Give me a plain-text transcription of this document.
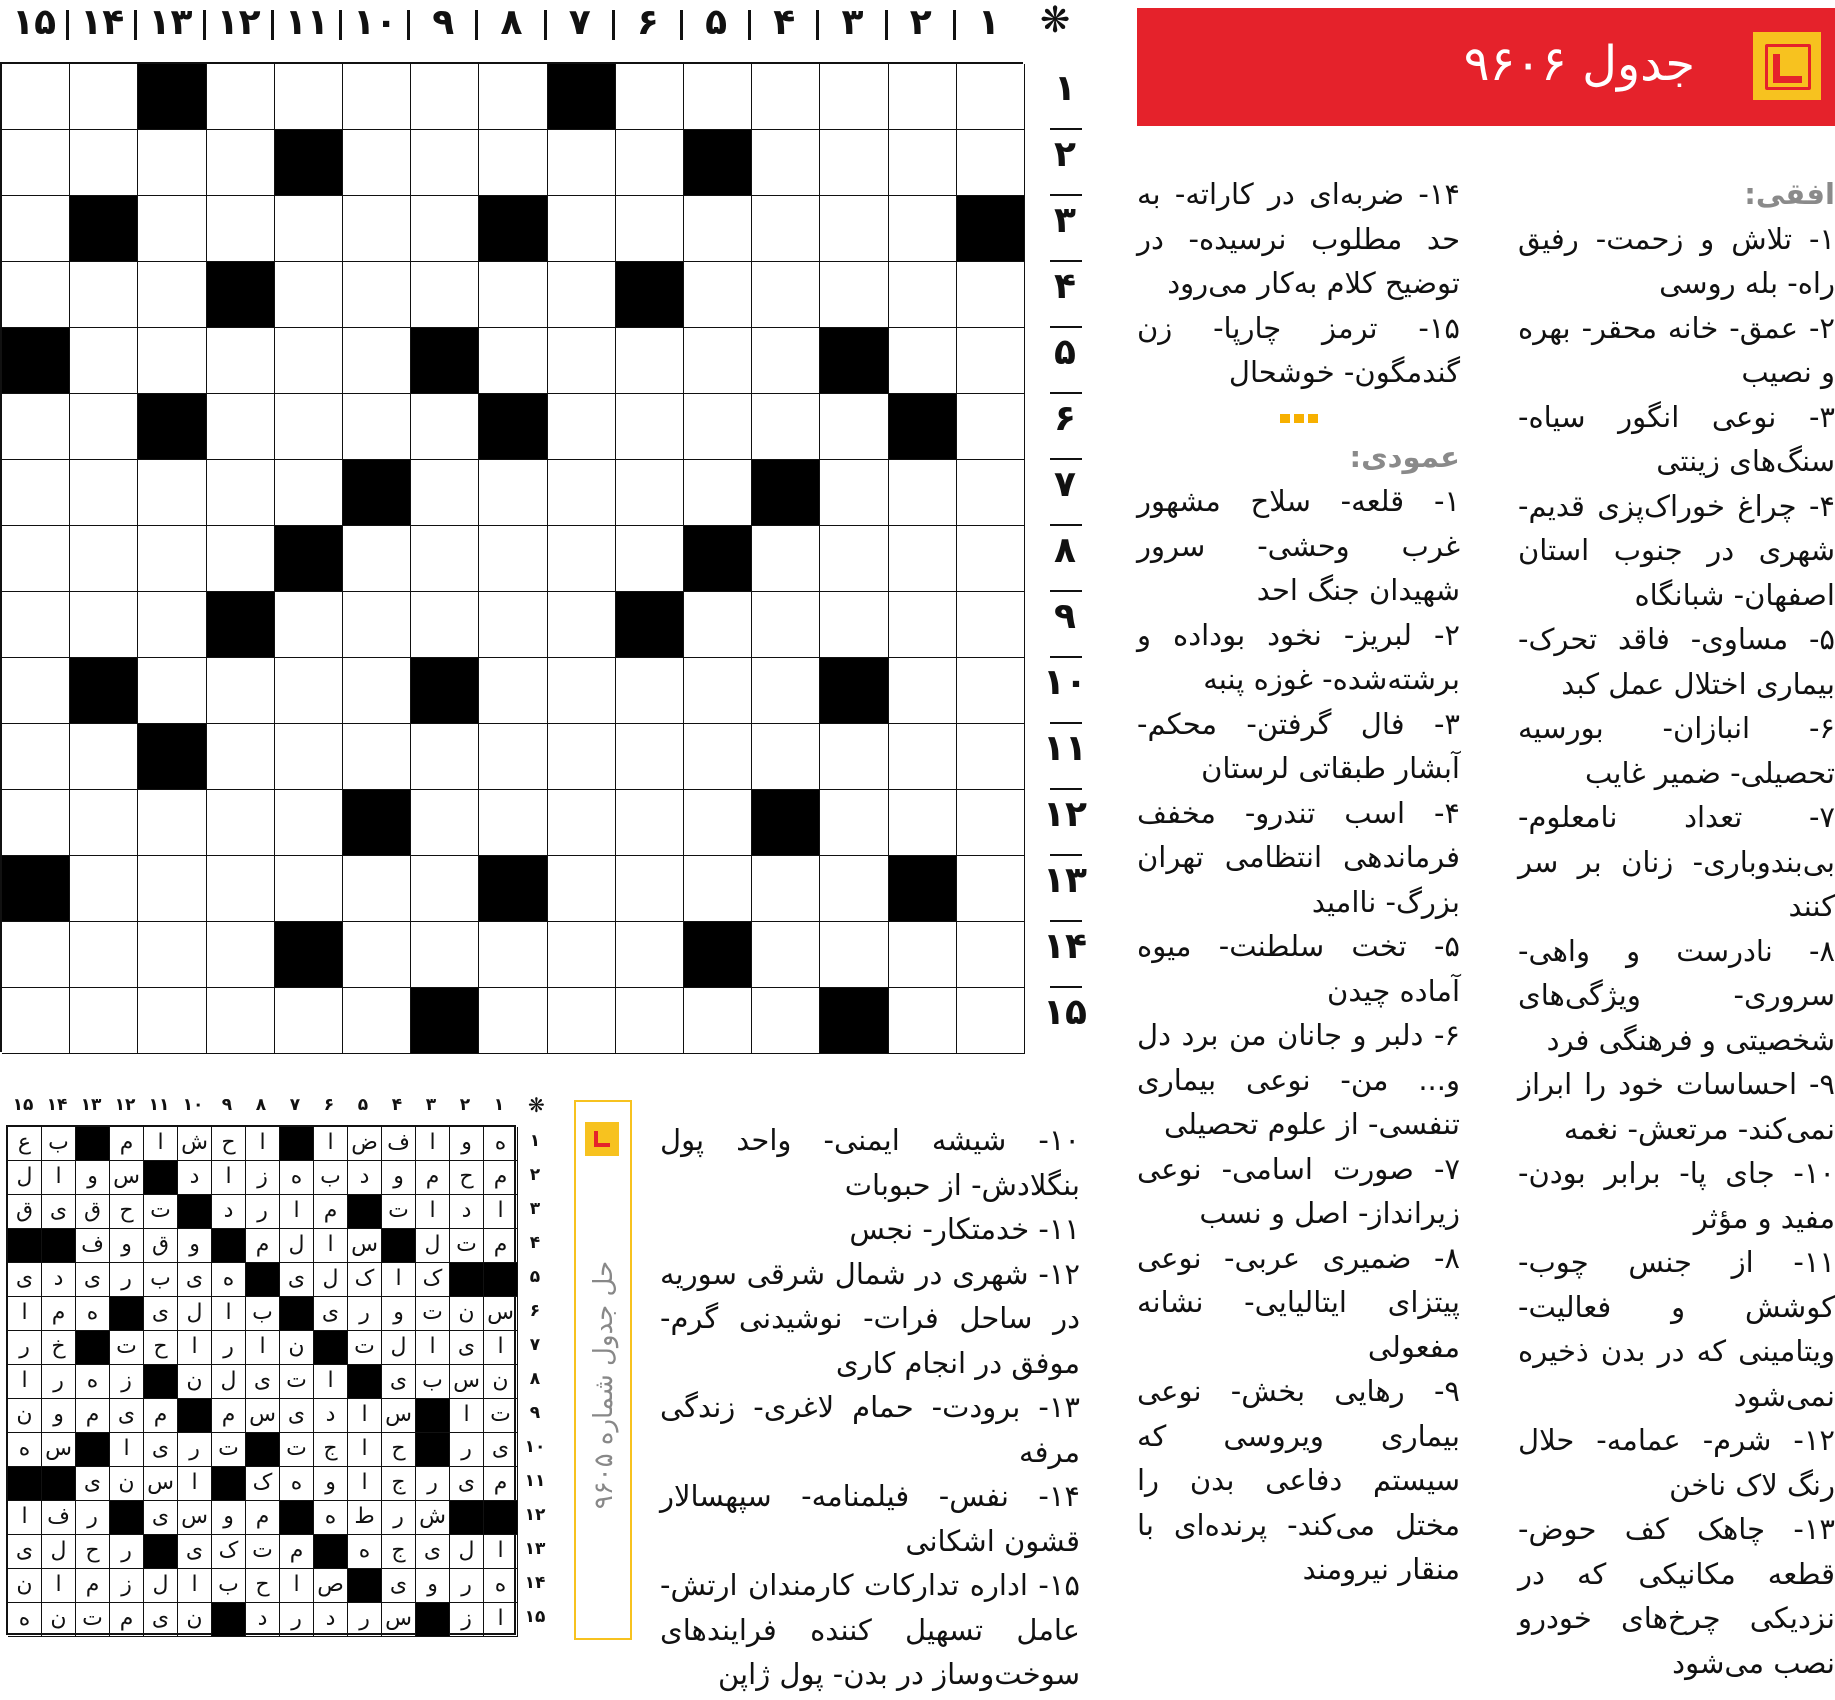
❋
۱
۲
۳
۴
۵
۶
۷
۸
۹
۱۰
۱۱
۱۲
۱۳
۱۴
۱۵
۱
۲
۳
۴
۵
۶
۷
۸
۹
۱۰
۱۱
۱۲
۱۳
۱۴
۱۵
جدول ۹۶۰۶
افقی:
۱- تلاش و زحمت- رفیق راه- بله روسی
۲- عمق- خانه محقر- بهره و نصیب
۳- نوعی انگور سیاه- سنگ‌های زینتی
۴- چراغ خوراک‌پزی قدیم- شهری در جنوب استان اصفهان- شبانگاه
۵- مساوی- فاقد تحرک- بیماری اختلال عمل کبد
۶- انبازان- بورسیه تحصیلی- ضمیر غایب
۷- تعداد نامعلوم- بی‌بندوباری- زنان بر سر کنند
۸- نادرست و واهی- سروری- ویژگی‌های شخصیتی و فرهنگی فرد
۹- احساسات خود را ابراز نمی‌کند- مرتعش- نغمه
۱۰- جای پا- برابر بودن- مفید و مؤثر
۱۱- از جنس چوب- کوشش و فعالیت- ویتامینی که در بدن ذخیره نمی‌شود
۱۲- شرم- عمامه- حلال رنگ لاک ناخن
۱۳- چاهک کف حوض- قطعه مکانیکی که در نزدیکی چرخ‌های خودرو نصب می‌شود
۱۴- ضربه‌ای در کاراته- به حد مطلوب نرسیده- در توضیح کلام به‌کار می‌رود
۱۵- ترمز چارپا- زن گندمگون- خوشحال
عمودی:
۱- قلعه- سلاح مشهور غرب وحشی- سرور شهیدان جنگ احد
۲- لبریز- نخود بوداده و برشته‌شده- غوزه پنبه
۳- فال گرفتن- محکم- آبشار طبقاتی لرستان
۴- اسب تندرو- مخفف فرماندهی انتظامی تهران بزرگ- ناامید
۵- تخت سلطنت- میوه آماده چیدن
۶- دلبر و جانان من برد دل و... من- نوعی بیماری تنفسی- از علوم تحصیلی
۷- صورت اسامی- نوعی زیرانداز- اصل و نسب
۸- ضمیری عربی- نوعی پیتزای ایتالیایی- نشانه مفعولی
۹- رهایی بخش- نوعی بیماری ویروسی که سیستم دفاعی بدن را مختل می‌کند- پرنده‌ای با منقار نیرومند
۱۰- شیشه ایمنی- واحد پول بنگلادش- از حبوبات
۱۱- خدمتکار- نجس
۱۲- شهری در شمال شرقی سوریه در ساحل فرات- نوشیدنی گرم- موفق در انجام کاری
۱۳- برودت- حمام لاغری- زندگی مرفه
۱۴- نفس- فیلمنامه- سپهسالار قشون اشکانی
۱۵- اداره تدارکات کارمندان ارتش- عامل تسهیل کننده فرایندهای سوخت‌وساز در بدن- پول ژاپن
حل جدول شماره ۹۶۰۵
❋
۱
۲
۳
۴
۵
۶
۷
۸
۹
۱۰
۱۱
۱۲
۱۳
۱۴
۱۵
ه
و
ا
ف
ض
ا
ا
ح
ش
ا
م
ب
ع
م
ح
م
و
د
ب
ه
ز
ا
د
س
و
ا
ل
ا
د
ا
ت
م
ا
ر
د
ت
ح
ق
ی
ق
م
ت
ل
س
ا
ل
م
و
ق
و
ف
ک
ا
ک
ل
ی
ه
ی
ب
ر
ی
د
ی
س
ن
ت
و
ر
ی
ب
ا
ل
ی
ه
م
ا
ا
ی
ا
ل
ت
ن
ا
ر
ا
ح
ت
خ
ر
ن
س
ب
ی
ا
ت
ی
ل
ن
ز
ه
ر
ا
ت
ا
س
ا
د
ی
س
م
م
ی
م
و
ن
ی
ر
ح
ا
ج
ت
ت
ر
ی
ا
س
ه
م
ی
ر
ج
ا
و
ه
ک
ا
س
ن
ی
ش
ر
ط
ه
م
و
س
ی
ر
ف
ا
ا
ل
ی
ج
ه
م
ت
ک
ی
ر
ح
ل
ی
ه
ر
و
ی
ص
ا
ح
ب
ا
ل
ز
م
ا
ن
ا
ز
س
ر
د
ر
د
ن
ی
م
ت
ن
ه
۱
۲
۳
۴
۵
۶
۷
۸
۹
۱۰
۱۱
۱۲
۱۳
۱۴
۱۵
